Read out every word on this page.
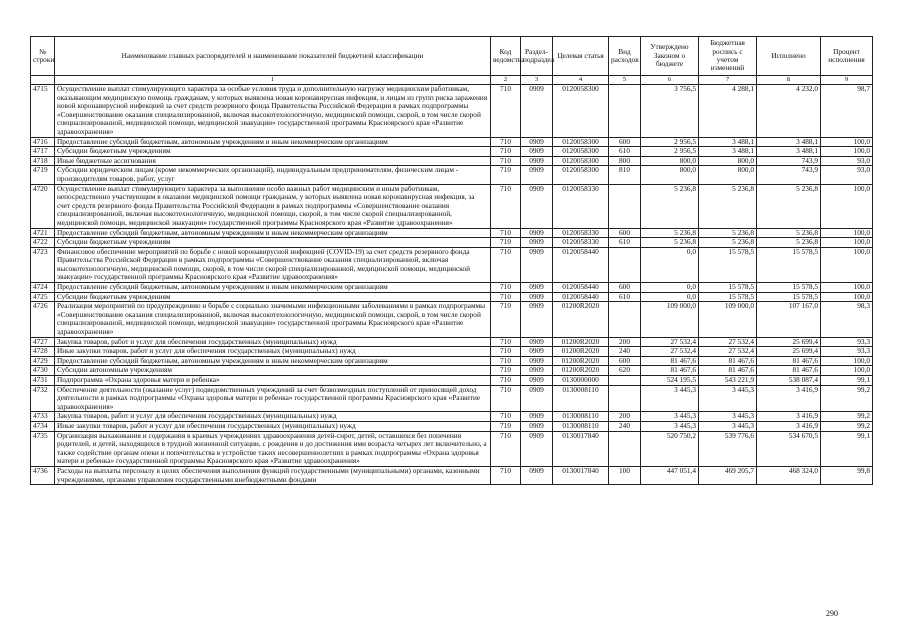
№ строки	Наименование главных распорядителей и наименование показателей бюджетной классификации	Код ведомства	Раздел-подраздел	Целевая статья	Вид расходов	Утверждено Законом о бюджете	Бюджетная роспись с учетом изменений	Исполнено	Процент исполнения
	1	2	3	4	5	6	7	8	9
4715	Осуществление выплат стимулирующего характера за особые условия труда и дополнительную нагрузку медицинским работникам, оказывающим медицинскую помощь гражданам, у которых выявлена новая коронавирусная инфекция, и лицам из групп риска заражения новой коронавирусной инфекцией за счет средств резервного фонда Правительства Российской Федерации в рамках подпрограммы «Совершенствование оказания специализированной, включая высокотехнологичную, медицинской помощи, скорой, в том числе скорой специализированной, медицинской помощи, медицинской эвакуации» государственной программы Красноярского края «Развитие здравоохранения»	710	0909	0120058300		3 756,5	4 288,1	4 232,0	98,7
4716	Предоставление субсидий бюджетным, автономным учреждениям и иным некоммерческим организациям	710	0909	0120058300	600	2 956,5	3 488,1	3 488,1	100,0
4717	Субсидии бюджетным учреждениям	710	0909	0120058300	610	2 956,5	3 488,1	3 488,1	100,0
4718	Иные бюджетные ассигнования	710	0909	0120058300	800	800,0	800,0	743,9	93,0
4719	Субсидии юридическим лицам (кроме некоммерческих организаций), индивидуальным предпринимателям, физическим лицам - производителям товаров, работ, услуг	710	0909	0120058300	810	800,0	800,0	743,9	93,0
4720	Осуществление выплат стимулирующего характера за выполнение особо важных работ медицинским и иным работникам, непосредственно участвующим в оказании медицинской помощи гражданам, у которых выявлена новая коронавирусная инфекция, за счет средств резервного фонда Правительства Российской Федерации в рамках подпрограммы «Совершенствование оказания специализированной, включая высокотехнологичную, медицинской помощи, скорой, в том числе скорой специализированной, медицинской помощи, медицинской эвакуации» государственной программы Красноярского края «Развитие здравоохранения»	710	0909	0120058330		5 236,8	5 236,8	5 236,8	100,0
4721	Предоставление субсидий бюджетным, автономным учреждениям и иным некоммерческим организациям	710	0909	0120058330	600	5 236,8	5 236,8	5 236,8	100,0
4722	Субсидии бюджетным учреждениям	710	0909	0120058330	610	5 236,8	5 236,8	5 236,8	100,0
4723	Финансовое обеспечение мероприятий по борьбе с новой коронавирусной инфекцией (COVID-19) за счет средств резервного фонда Правительства Российской Федерации в рамках подпрограммы «Совершенствование оказания специализированной, включая высокотехнологичную, медицинской помощи, скорой, в том числе скорой специализированной, медицинской помощи, медицинской эвакуации» государственной программы Красноярского края «Развитие здравоохранения»	710	0909	0120058440		0,0	15 578,5	15 578,5	100,0
4724	Предоставление субсидий бюджетным, автономным учреждениям и иным некоммерческим организациям	710	0909	0120058440	600	0,0	15 578,5	15 578,5	100,0
4725	Субсидии бюджетным учреждениям	710	0909	0120058440	610	0,0	15 578,5	15 578,5	100,0
4726	Реализация мероприятий по предупреждению и борьбе с социально значимыми инфекционными заболеваниями в рамках подпрограммы «Совершенствование оказания специализированной, включая высокотехнологичную, медицинской помощи, скорой, в том числе скорой специализированной, медицинской помощи, медицинской эвакуации» государственной программы Красноярского края «Развитие здравоохранения»	710	0909	01200R2020		109 000,0	109 000,0	107 167,0	98,3
4727	Закупка товаров, работ и услуг для обеспечения государственных (муниципальных) нужд	710	0909	01200R2020	200	27 532,4	27 532,4	25 699,4	93,3
4728	Иные закупки товаров, работ и услуг для обеспечения государственных (муниципальных) нужд	710	0909	01200R2020	240	27 532,4	27 532,4	25 699,4	93,3
4729	Предоставление субсидий бюджетным, автономным учреждениям и иным некоммерческим организациям	710	0909	01200R2020	600	81 467,6	81 467,6	81 467,6	100,0
4730	Субсидии автономным учреждениям	710	0909	01200R2020	620	81 467,6	81 467,6	81 467,6	100,0
4731	Подпрограмма «Охрана здоровья матери и ребенка»	710	0909	0130000000		524 195,5	543 221,9	538 087,4	99,1
4732	Обеспечение деятельности (оказание услуг) подведомственных учреждений за счет безвозмездных поступлений от приносящей доход деятельности в рамках подпрограммы «Охрана здоровья матери и ребенка» государственной программы Красноярского края «Развитие здравоохранения»	710	0909	0130008110		3 445,3	3 445,3	3 416,9	99,2
4733	Закупка товаров, работ и услуг для обеспечения государственных (муниципальных) нужд	710	0909	0130008110	200	3 445,3	3 445,3	3 416,9	99,2
4734	Иные закупки товаров, работ и услуг для обеспечения государственных (муниципальных) нужд	710	0909	0130008110	240	3 445,3	3 445,3	3 416,9	99,2
4735	Организация выхаживания и содержания в краевых учреждениях здравоохранения детей-сирот, детей, оставшихся без попечения родителей, и детей, находящихся в трудной жизненной ситуации, с рождения и до достижения ими возраста четырех лет включительно, а также содействие органам опеки и попечительства в устройстве таких несовершеннолетних в рамках подпрограммы «Охрана здоровья матери и ребенка» государственной программы Красноярского края «Развитие здравоохранения»	710	0909	0130017840		520 750,2	539 776,6	534 670,5	99,1
4736	Расходы на выплаты персоналу в целях обеспечения выполнения функций государственными (муниципальными) органами, казенными учреждениями, органами управления государственными внебюджетными фондами	710	0909	0130017840	100	447 051,4	469 205,7	468 324,0	99,8
290
